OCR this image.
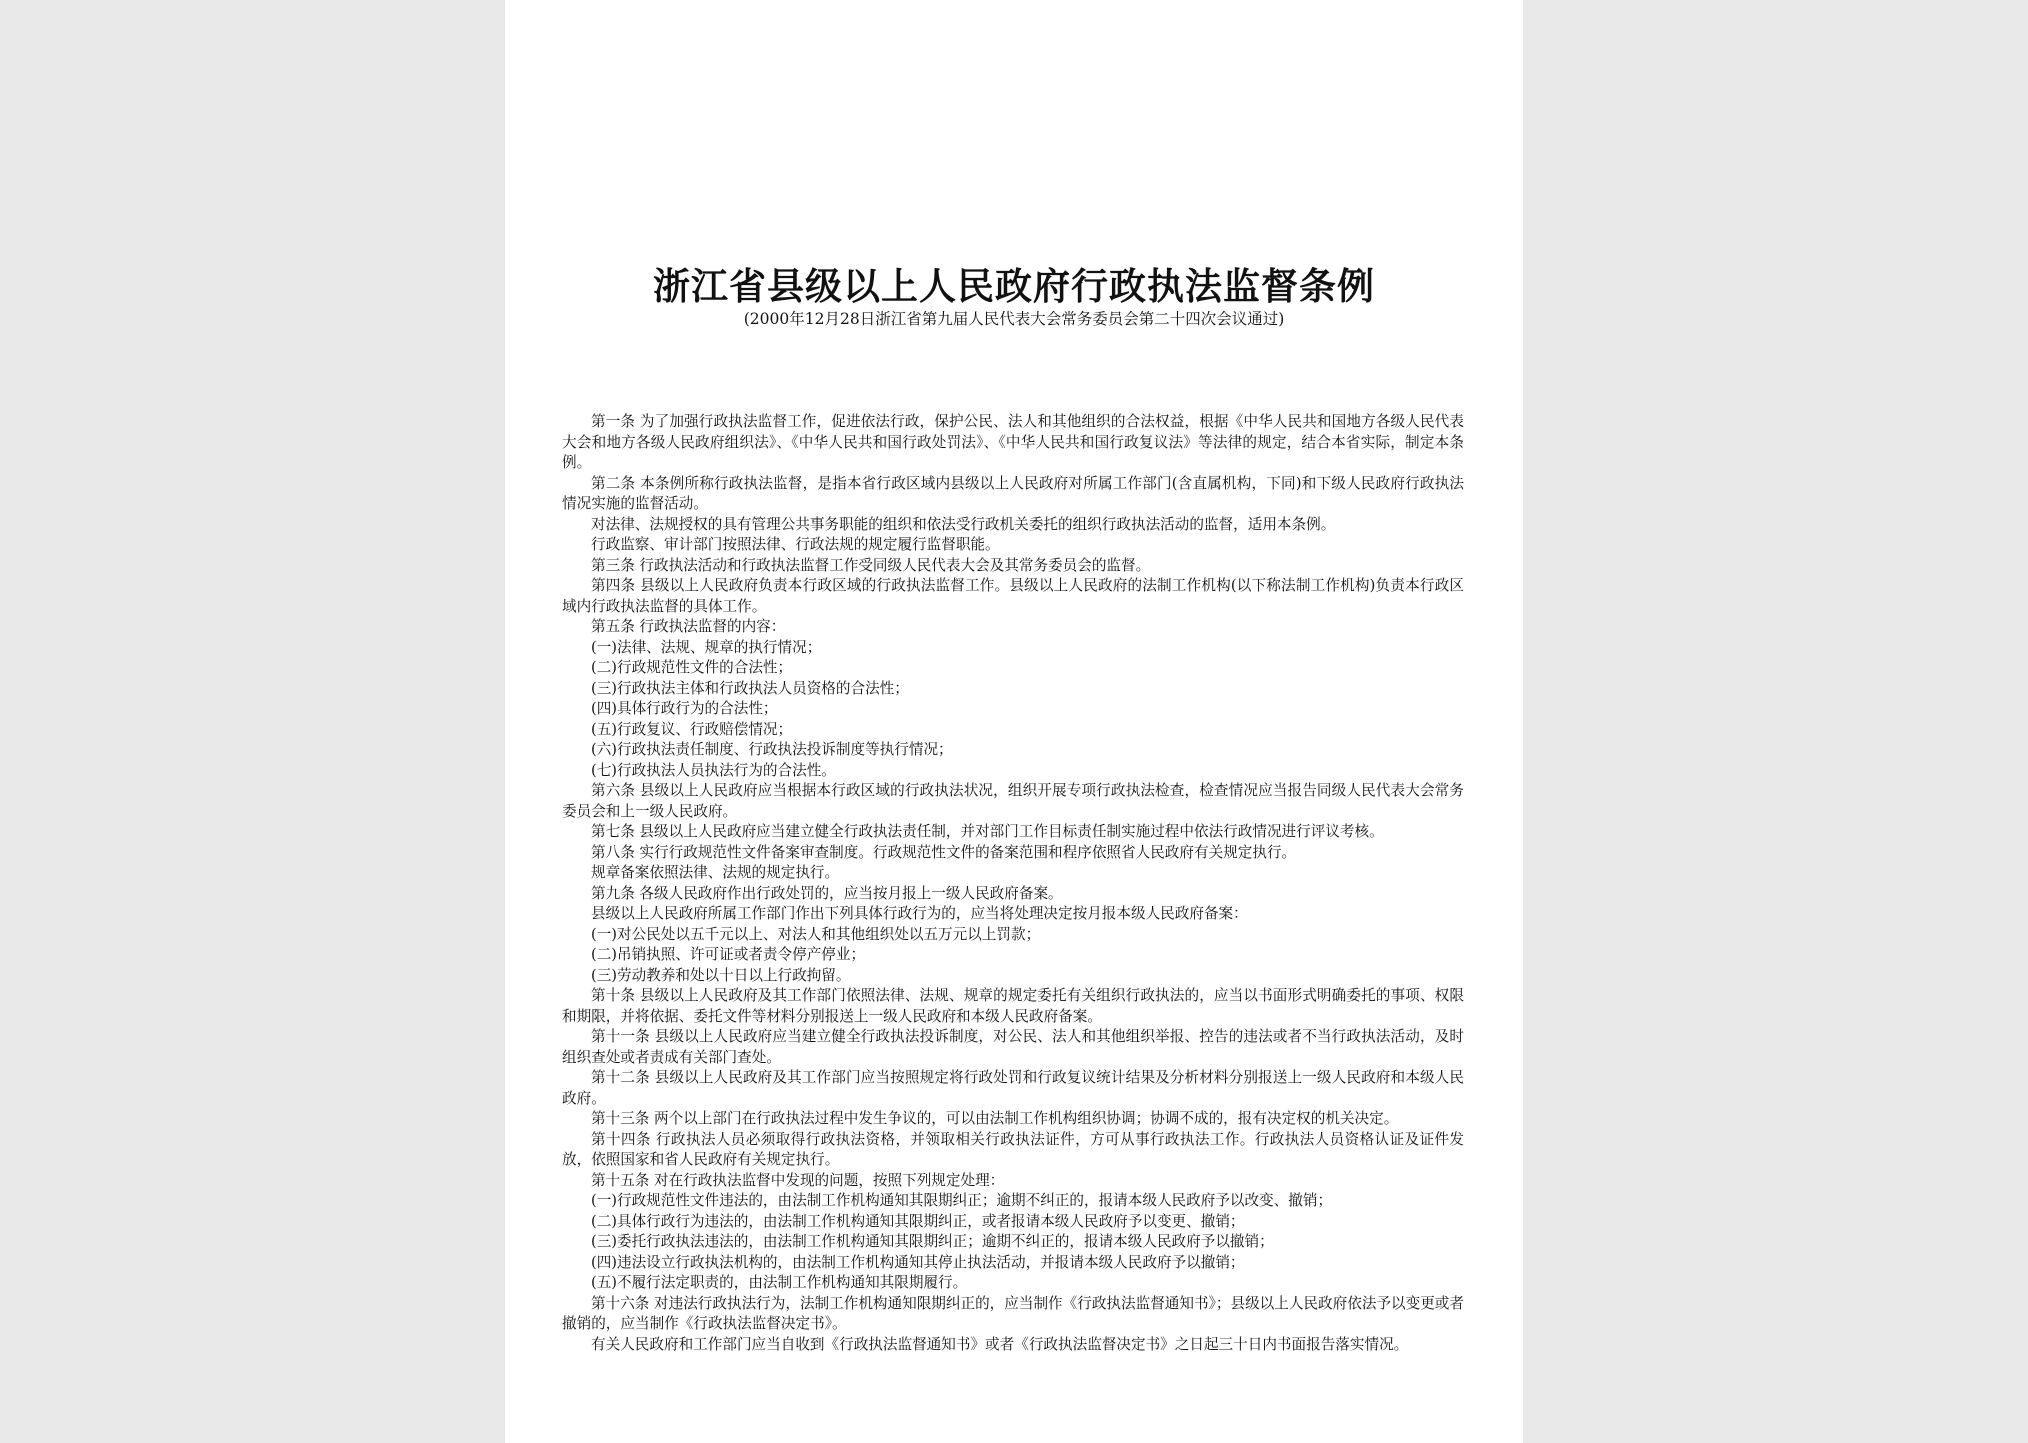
浙江省县级以上人民政府行政执法监督条例
(2000年12月28日浙江省第九届人民代表大会常务委员会第二十四次会议通过)

第一条 为了加强行政执法监督工作，促进依法行政，保护公民、法人和其他组织的合法权益，根据《中华人民共和国地方各级人民代表大会和地方各级人民政府组织法》、《中华人民共和国行政处罚法》、《中华人民共和国行政复议法》等法律的规定，结合本省实际，制定本条例。

第二条 本条例所称行政执法监督，是指本省行政区域内县级以上人民政府对所属工作部门(含直属机构，下同)和下级人民政府行政执法情况实施的监督活动。

对法律、法规授权的具有管理公共事务职能的组织和依法受行政机关委托的组织行政执法活动的监督，适用本条例。

行政监察、审计部门按照法律、行政法规的规定履行监督职能。

第三条 行政执法活动和行政执法监督工作受同级人民代表大会及其常务委员会的监督。

第四条 县级以上人民政府负责本行政区域的行政执法监督工作。县级以上人民政府的法制工作机构(以下称法制工作机构)负责本行政区域内行政执法监督的具体工作。

第五条 行政执法监督的内容：

(一)法律、法规、规章的执行情况；

(二)行政规范性文件的合法性；

(三)行政执法主体和行政执法人员资格的合法性；

(四)具体行政行为的合法性；

(五)行政复议、行政赔偿情况；

(六)行政执法责任制度、行政执法投诉制度等执行情况；

(七)行政执法人员执法行为的合法性。

第六条 县级以上人民政府应当根据本行政区域的行政执法状况，组织开展专项行政执法检查，检查情况应当报告同级人民代表大会常务委员会和上一级人民政府。

第七条 县级以上人民政府应当建立健全行政执法责任制，并对部门工作目标责任制实施过程中依法行政情况进行评议考核。

第八条 实行行政规范性文件备案审查制度。行政规范性文件的备案范围和程序依照省人民政府有关规定执行。

规章备案依照法律、法规的规定执行。

第九条 各级人民政府作出行政处罚的，应当按月报上一级人民政府备案。

县级以上人民政府所属工作部门作出下列具体行政行为的，应当将处理决定按月报本级人民政府备案：

(一)对公民处以五千元以上、对法人和其他组织处以五万元以上罚款；

(二)吊销执照、许可证或者责令停产停业；

(三)劳动教养和处以十日以上行政拘留。

第十条 县级以上人民政府及其工作部门依照法律、法规、规章的规定委托有关组织行政执法的，应当以书面形式明确委托的事项、权限和期限，并将依据、委托文件等材料分别报送上一级人民政府和本级人民政府备案。

第十一条 县级以上人民政府应当建立健全行政执法投诉制度，对公民、法人和其他组织举报、控告的违法或者不当行政执法活动，及时组织查处或者责成有关部门查处。

第十二条 县级以上人民政府及其工作部门应当按照规定将行政处罚和行政复议统计结果及分析材料分别报送上一级人民政府和本级人民政府。

第十三条 两个以上部门在行政执法过程中发生争议的，可以由法制工作机构组织协调；协调不成的，报有决定权的机关决定。

第十四条 行政执法人员必须取得行政执法资格，并领取相关行政执法证件，方可从事行政执法工作。行政执法人员资格认证及证件发放，依照国家和省人民政府有关规定执行。

第十五条 对在行政执法监督中发现的问题，按照下列规定处理：

(一)行政规范性文件违法的，由法制工作机构通知其限期纠正；逾期不纠正的，报请本级人民政府予以改变、撤销；

(二)具体行政行为违法的，由法制工作机构通知其限期纠正，或者报请本级人民政府予以变更、撤销；

(三)委托行政执法违法的，由法制工作机构通知其限期纠正；逾期不纠正的，报请本级人民政府予以撤销；

(四)违法设立行政执法机构的，由法制工作机构通知其停止执法活动，并报请本级人民政府予以撤销；

(五)不履行法定职责的，由法制工作机构通知其限期履行。

第十六条 对违法行政执法行为，法制工作机构通知限期纠正的，应当制作《行政执法监督通知书》；县级以上人民政府依法予以变更或者撤销的，应当制作《行政执法监督决定书》。

有关人民政府和工作部门应当自收到《行政执法监督通知书》或者《行政执法监督决定书》之日起三十日内书面报告落实情况。
